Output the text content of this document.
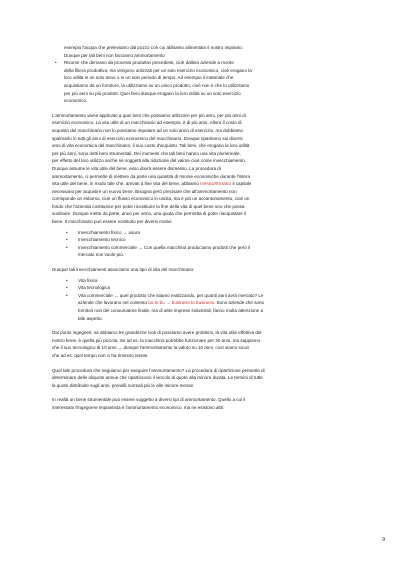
esempio l'acqua che preleviamo dal pozzo con cui abbiamo alimentato il nostro impianto.
Dunque per tali beni non facciamo ammortamento
• Risorse che derivano da processi produttivi precedenti, cioè dalle/a aziende a monte
della filiera produttiva, ma vengono utilizzati per un solo esercizio economico, cioè erogano la
loro utilità in un solo anno o in un solo periodo di tempo. Ad esempio il materiale che
acquistiamo da un fornitore, la utilizziamo su un unico prodotto, cioè non è che lo utilizziamo
per più anni su più prodotti. Quei beni dunque erogano la loro utilità su un solo esercizio
economico.
L'ammortamento viene applicato a quei beni che possiamo utilizzare per più anni, per più anni di
esercizio economico. La vita utile di un macchinario ad esempio, è di più anni. Allora il costo di
acquisto del macchinario non lo possiamo imputare ad un solo anno di esercizio, ma dobbiamo
spalmarlo in tutti gli anni di esercizio economico del macchinario. Dunque ripartiamo sui diversi
anni di vita economica del macchinario, il suo costo d'acquisto. Tali beni, che erogano la loro utilità
per più anni, sono detti beni strumentali. Dei momenti che tali beni hanno una vita pluriennale,
per effetto del loro utilizzo anche ne soggetti alla riduzione del valore cioè come invecchiamento.
Dunque assume le vita utile del bene, esso dovrà essere dismesso. La procedura di
ammortamento, ci permette di mettere da parte una quantità di risorse economiche durante l'intera
vita utile del bene, in modo tale che, arrivati a fine vita del bene, abbiamo messo/ritrovato il capitale
necessario per acquisire un nuovo bene. Bisogna però precisare che all'ammortamento non
corrisponde un esborso, cioè un flusso economico in uscita, ma è più un accantonamento, cioè un
fondo che l'azienda costituisce per poter ricostituire la fine della vita di quel bene uno che possa
sostituire. Dunque mette da parte, anno per anno, una quota che permetta di poter riacquistare il
bene. Il macchinario può essere sostituito per diversi motivi:
• Invecchiamento fisico → usura
• Invecchiamento tecnico
• Invecchiamento commerciale → Con quella macchina produciamo prodotti che però il
mercato non vuole più.
Dunque tali invecchiamenti associamo una tipo di vita del macchinario:
• Vita fisica
• Vita tecnologica
• Vita commerciale → quel prodotto che stiamo realizzando, per quanti anni avrà mercato? Le
aziende che lavorano nel contesto bu to bu → business to business. Sono aziende che sono
fornitori non del consumatore finale, ma di altre imprese industriali, fanno molta attenzione a
tale aspetto.
Dal punto ingegneri, se abbiamo tre grandezze cioè di possiamo avere problemi, la vita utile effettiva del
nostro bene, è quella più piccola. Se ad es. la macchina potrebbe funzionare per 30 anni, ma sappiamo
che il suo tecnologico di 10 anni → dunque l'ammortamento la valuto su 10 anni, così siamo sicuri
che ad es. quel tempo non ci ha rimesso niente.
Quel tale procedura che seguiamo per eseguire l'ammortamento? La procedura di ripartizione permette di
determinare delle aliquote annue che ripartiscono il vincolo di quote alla minore durata. Le termini di tutte
la quote distribuite sugli anni, prendili normali più le alle minore messe.
In realtà un bene strumentale può essere soggetto a diversi tipi di ammortamento. Quello a cui il
interessato l'ingegnere impiantista è l'ammortamento economico, ma ne esistono altri:
9
